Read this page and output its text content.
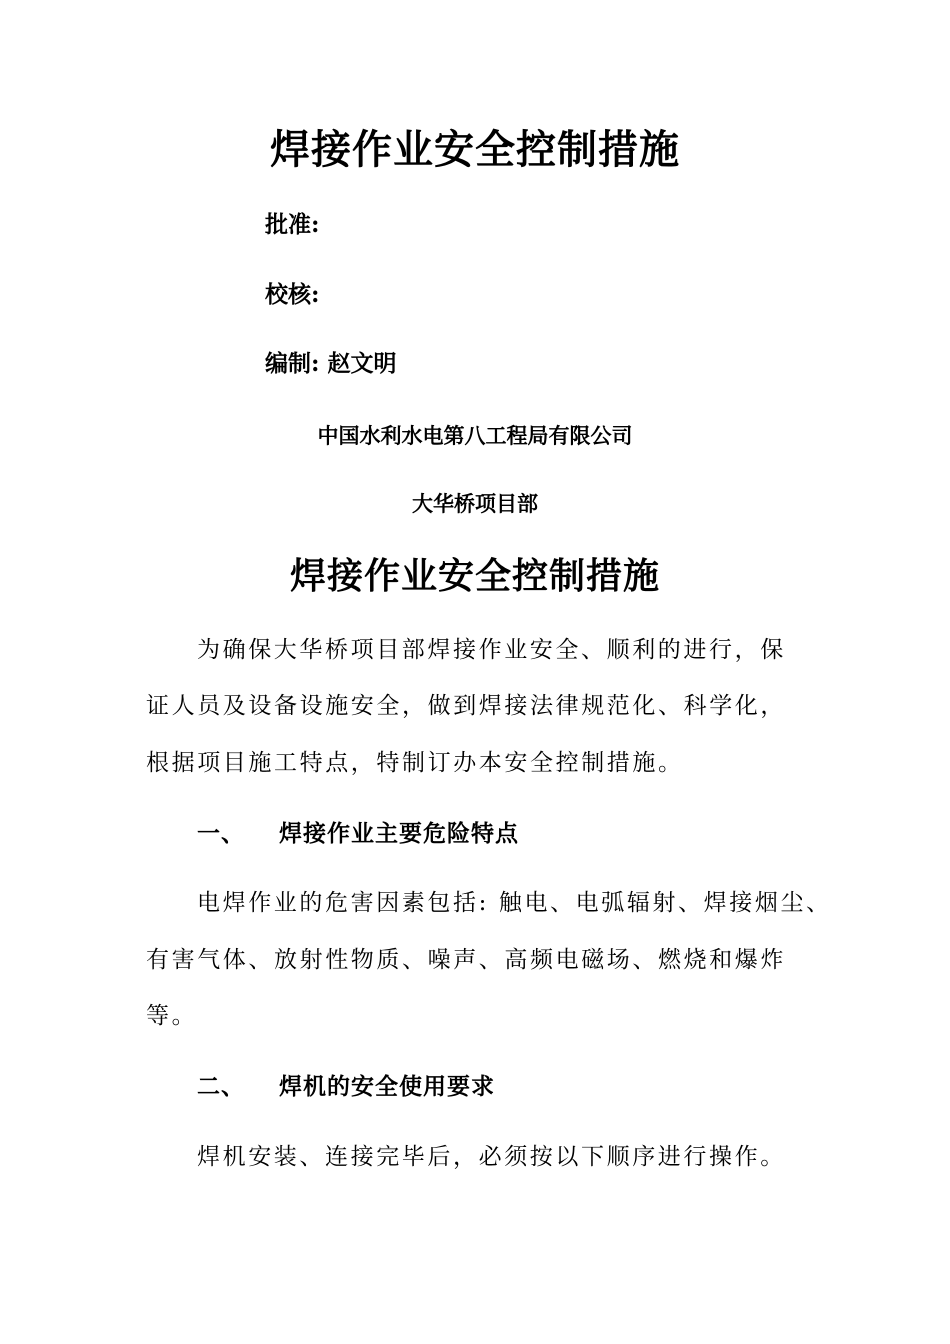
焊接作业安全控制措施
批准:
校核:
编制: 赵文明
中国水利水电第八工程局有限公司
大华桥项目部
焊接作业安全控制措施
为确保大华桥项目部焊接作业安全、顺利的进行，保
证人员及设备设施安全，做到焊接法律规范化、科学化，
根据项目施工特点，特制订办本安全控制措施。
一、 焊接作业主要危险特点
电焊作业的危害因素包括: 触电、电弧辐射、焊接烟尘、
有害气体、放射性物质、噪声、高频电磁场、燃烧和爆炸
等。
二、 焊机的安全使用要求
焊机安装、连接完毕后，必须按以下顺序进行操作。
